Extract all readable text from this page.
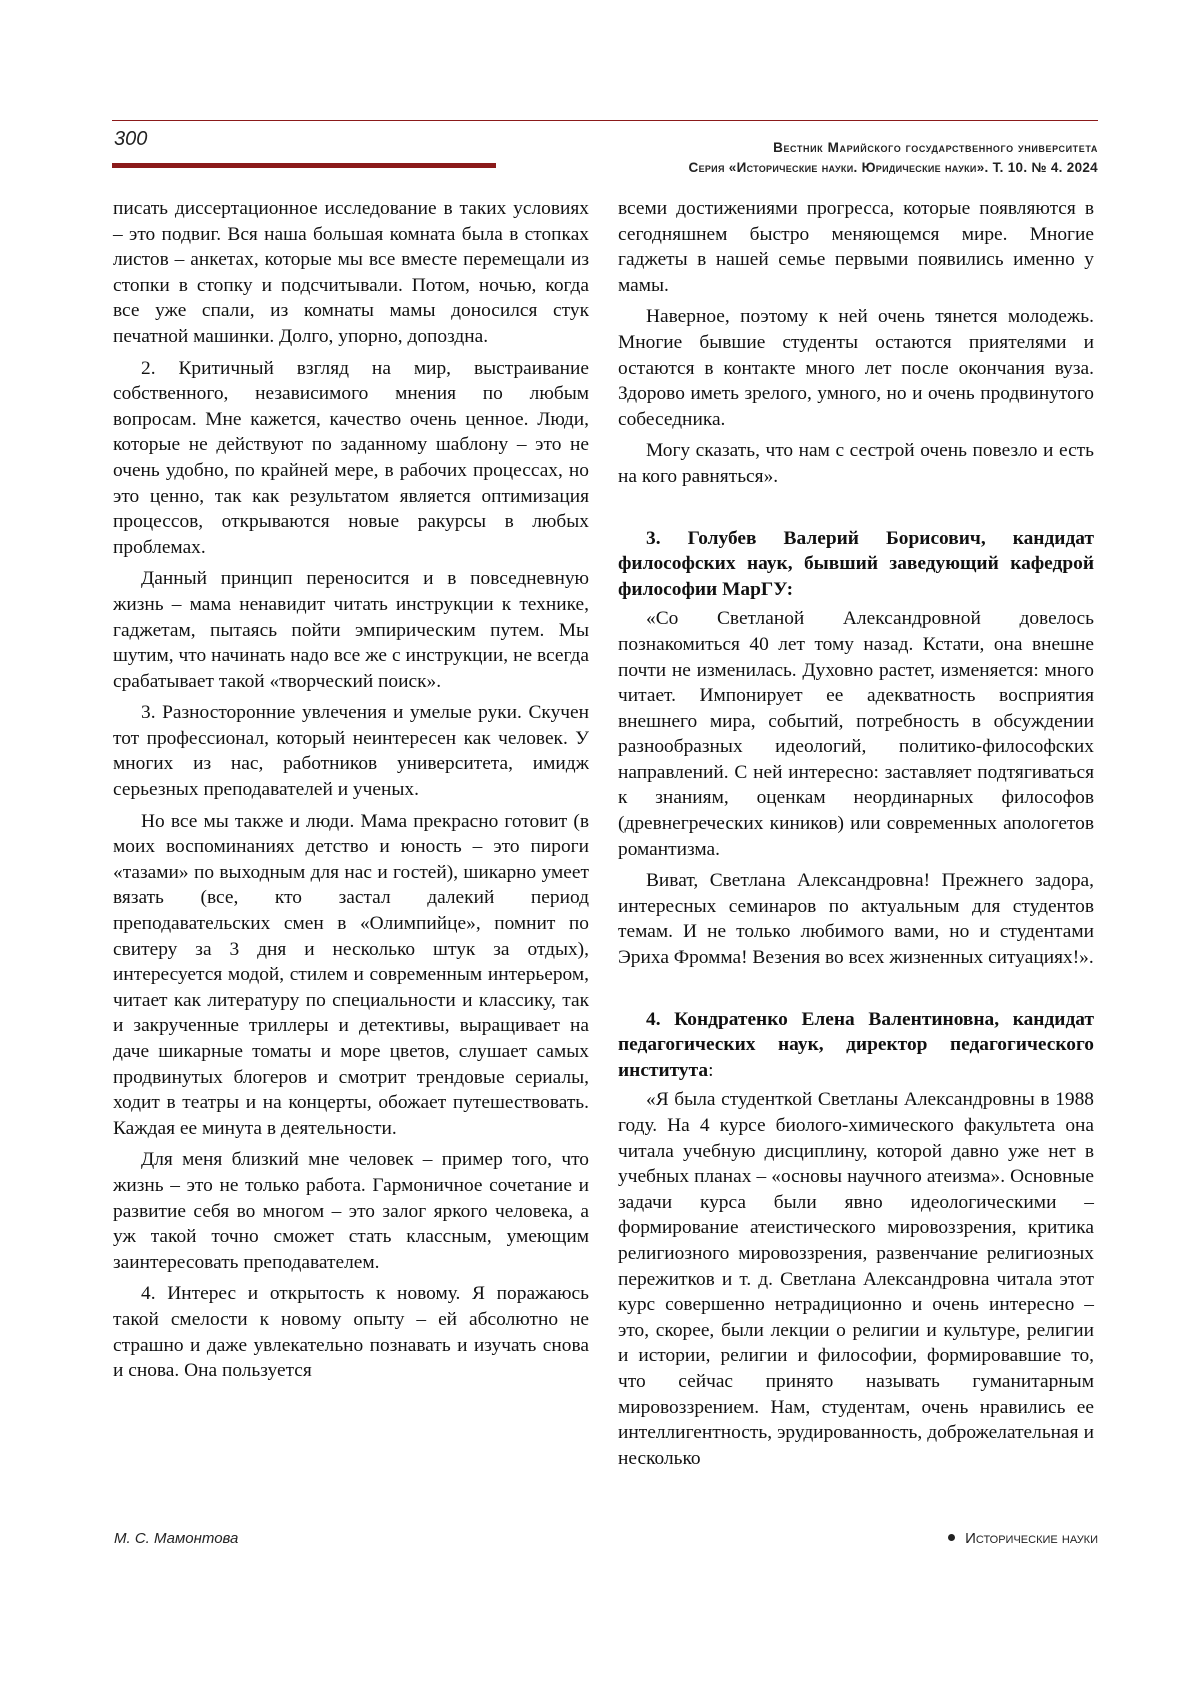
300	Вестник Марийского государственного университета
Серия «Исторические науки. Юридические науки». Т. 10. № 4. 2024

писать диссертационное исследование в таких условиях – это подвиг. Вся наша большая комната была в стопках листов – анкетах, которые мы все вместе перемещали из стопки в стопку и подсчитывали. Потом, ночью, когда все уже спали, из комнаты мамы доносился стук печатной машинки. Долго, упорно, допоздна.

2. Критичный взгляд на мир, выстраивание собственного, независимого мнения по любым вопросам. Мне кажется, качество очень ценное. Люди, которые не действуют по заданному шаблону – это не очень удобно, по крайней мере, в рабочих процессах, но это ценно, так как результатом является оптимизация процессов, открываются новые ракурсы в любых проблемах.

Данный принцип переносится и в повседневную жизнь – мама ненавидит читать инструкции к технике, гаджетам, пытаясь пойти эмпирическим путем. Мы шутим, что начинать надо все же с инструкции, не всегда срабатывает такой «творческий поиск».

3. Разносторонние увлечения и умелые руки. Скучен тот профессионал, который неинтересен как человек. У многих из нас, работников университета, имидж серьезных преподавателей и ученых.

Но все мы также и люди. Мама прекрасно готовит (в моих воспоминаниях детство и юность – это пироги «тазами» по выходным для нас и гостей), шикарно умеет вязать (все, кто застал далекий период преподавательских смен в «Олимпийце», помнит по свитеру за 3 дня и несколько штук за отдых), интересуется модой, стилем и современным интерьером, читает как литературу по специальности и классику, так и закрученные триллеры и детективы, выращивает на даче шикарные томаты и море цветов, слушает самых продвинутых блогеров и смотрит трендовые сериалы, ходит в театры и на концерты, обожает путешествовать. Каждая ее минута в деятельности.

Для меня близкий мне человек – пример того, что жизнь – это не только работа. Гармоничное сочетание и развитие себя во многом – это залог яркого человека, а уж такой точно сможет стать классным, умеющим заинтересовать преподавателем.

4. Интерес и открытость к новому. Я поражаюсь такой смелости к новому опыту – ей абсолютно не страшно и даже увлекательно познавать и изучать снова и снова. Она пользуется

всеми достижениями прогресса, которые появляются в сегодняшнем быстро меняющемся мире. Многие гаджеты в нашей семье первыми появились именно у мамы.

Наверное, поэтому к ней очень тянется молодежь. Многие бывшие студенты остаются приятелями и остаются в контакте много лет после окончания вуза. Здорово иметь зрелого, умного, но и очень продвинутого собеседника.

Могу сказать, что нам с сестрой очень повезло и есть на кого равняться».

3. Голубев Валерий Борисович, кандидат философских наук, бывший заведующий кафедрой философии МарГУ:

«Со Светланой Александровной довелось познакомиться 40 лет тому назад. Кстати, она внешне почти не изменилась. Духовно растет, изменяется: много читает. Импонирует ее адекватность восприятия внешнего мира, событий, потребность в обсуждении разнообразных идеологий, политико-философских направлений. С ней интересно: заставляет подтягиваться к знаниям, оценкам неординарных философов (древнегреческих киников) или современных апологетов романтизма.

Виват, Светлана Александровна! Прежнего задора, интересных семинаров по актуальным для студентов темам. И не только любимого вами, но и студентами Эриха Фромма! Везения во всех жизненных ситуациях!».

4. Кондратенко Елена Валентиновна, кандидат педагогических наук, директор педагогического института:

«Я была студенткой Светланы Александровны в 1988 году. На 4 курсе биолого-химического факультета она читала учебную дисциплину, которой давно уже нет в учебных планах – «основы научного атеизма». Основные задачи курса были явно идеологическими – формирование атеистического мировоззрения, критика религиозного мировоззрения, развенчание религиозных пережитков и т. д. Светлана Александровна читала этот курс совершенно нетрадиционно и очень интересно – это, скорее, были лекции о религии и культуре, религии и истории, религии и философии, формировавшие то, что сейчас принято называть гуманитарным мировоззрением. Нам, студентам, очень нравились ее интеллигентность, эрудированность, доброжелательная и несколько

М. С. Мамонтова	Исторические науки
